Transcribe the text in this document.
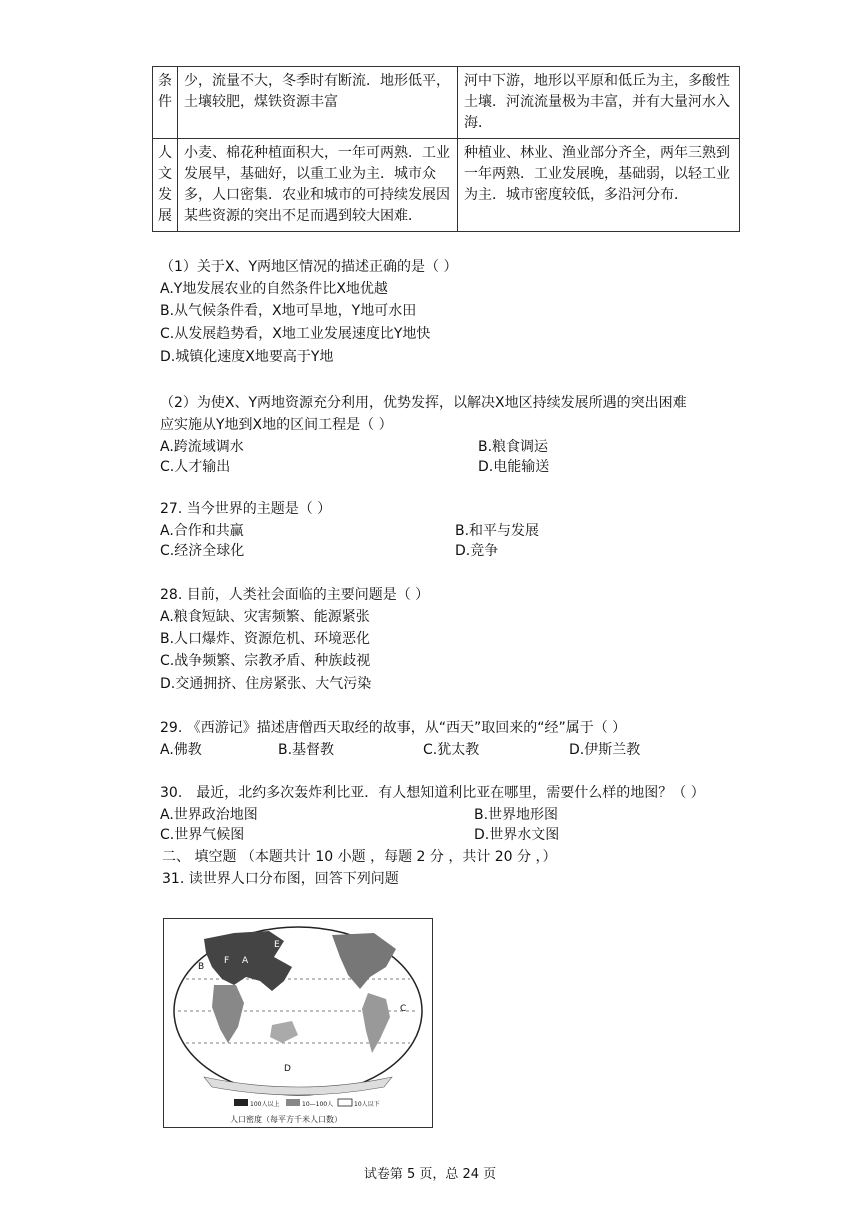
条
件	少，流量不大，冬季时有断流．地形低平，土壤较肥，煤铁资源丰富	河中下游，地形以平原和低丘为主，多酸性土壤．河流流量极为丰富，并有大量河水入海．
人
文
发
展	小麦、棉花种植面积大，一年可两熟．工业发展早，基础好，以重工业为主．城市众多，人口密集．农业和城市的可持续发展因某些资源的突出不足而遇到较大困难．	种植业、林业、渔业部分齐全，两年三熟到一年两熟．工业发展晚，基础弱，以轻工业为主．城市密度较低，多沿河分布．
（1）关于X、Y两地区情况的描述正确的是（ ）
A.Y地发展农业的自然条件比X地优越
B.从气候条件看，X地可旱地，Y地可水田
C.从发展趋势看，X地工业发展速度比Y地快
D.城镇化速度X地要高于Y地
（2）为使X、Y两地资源充分利用，优势发挥，以解决X地区持续发展所遇的突出困难
应实施从Y地到X地的区间工程是（ ）
A.跨流域调水	B.粮食调运
C.人才输出	D.电能输送
27. 当今世界的主题是（ ）
A.合作和共赢	B.和平与发展
C.经济全球化	D.竞争
28. 目前，人类社会面临的主要问题是（ ）
A.粮食短缺、灾害频繁、能源紧张
B.人口爆炸、资源危机、环境恶化
C.战争频繁、宗教矛盾、种族歧视
D.交通拥挤、住房紧张、大气污染
29. 《西游记》描述唐僧西天取经的故事，从“西天”取回来的“经”属于（ ）
A.佛教	B.基督教	C.犹太教	D.伊斯兰教
30.　最近，北约多次轰炸利比亚．有人想知道利比亚在哪里，需要什么样的地图？（ ）
A.世界政治地图	B.世界地形图
C.世界气候图	D.世界水文图
二、 填空题 （本题共计 10 小题 ，每题 2 分 ，共计 20 分 ，）
31. 读世界人口分布图，回答下列问题
B
F A
E
C
D
100人以上	10—100人	10人以下
人口密度（每平方千米人口数）
试卷第 5 页，总 24 页
